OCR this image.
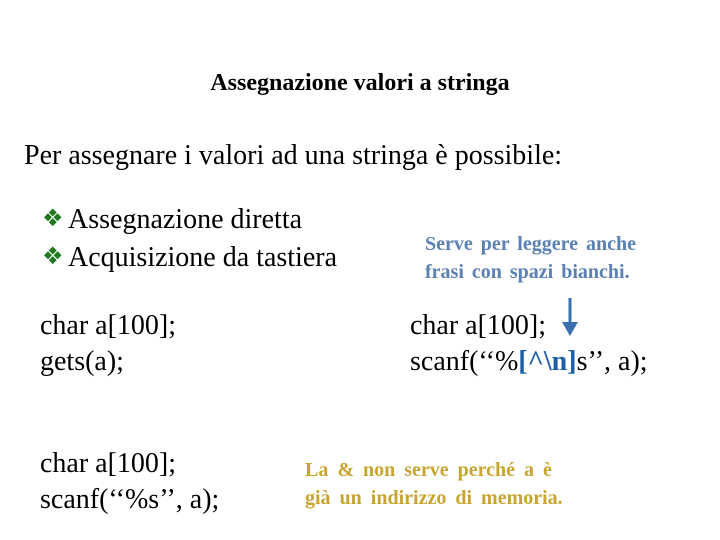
Assegnazione valori a stringa
Per assegnare i valori ad una stringa è possibile:
❖ Assegnazione diretta
❖ Acquisizione da tastiera	Serve per leggere anche
frasi con spazi bianchi.
char a[100];
gets(a);
char a[100];
scanf(‘‘%[^\n]s’’, a);
char a[100];
scanf(‘‘%s’’, a);
La & non serve perché a è
già un indirizzo di memoria.
